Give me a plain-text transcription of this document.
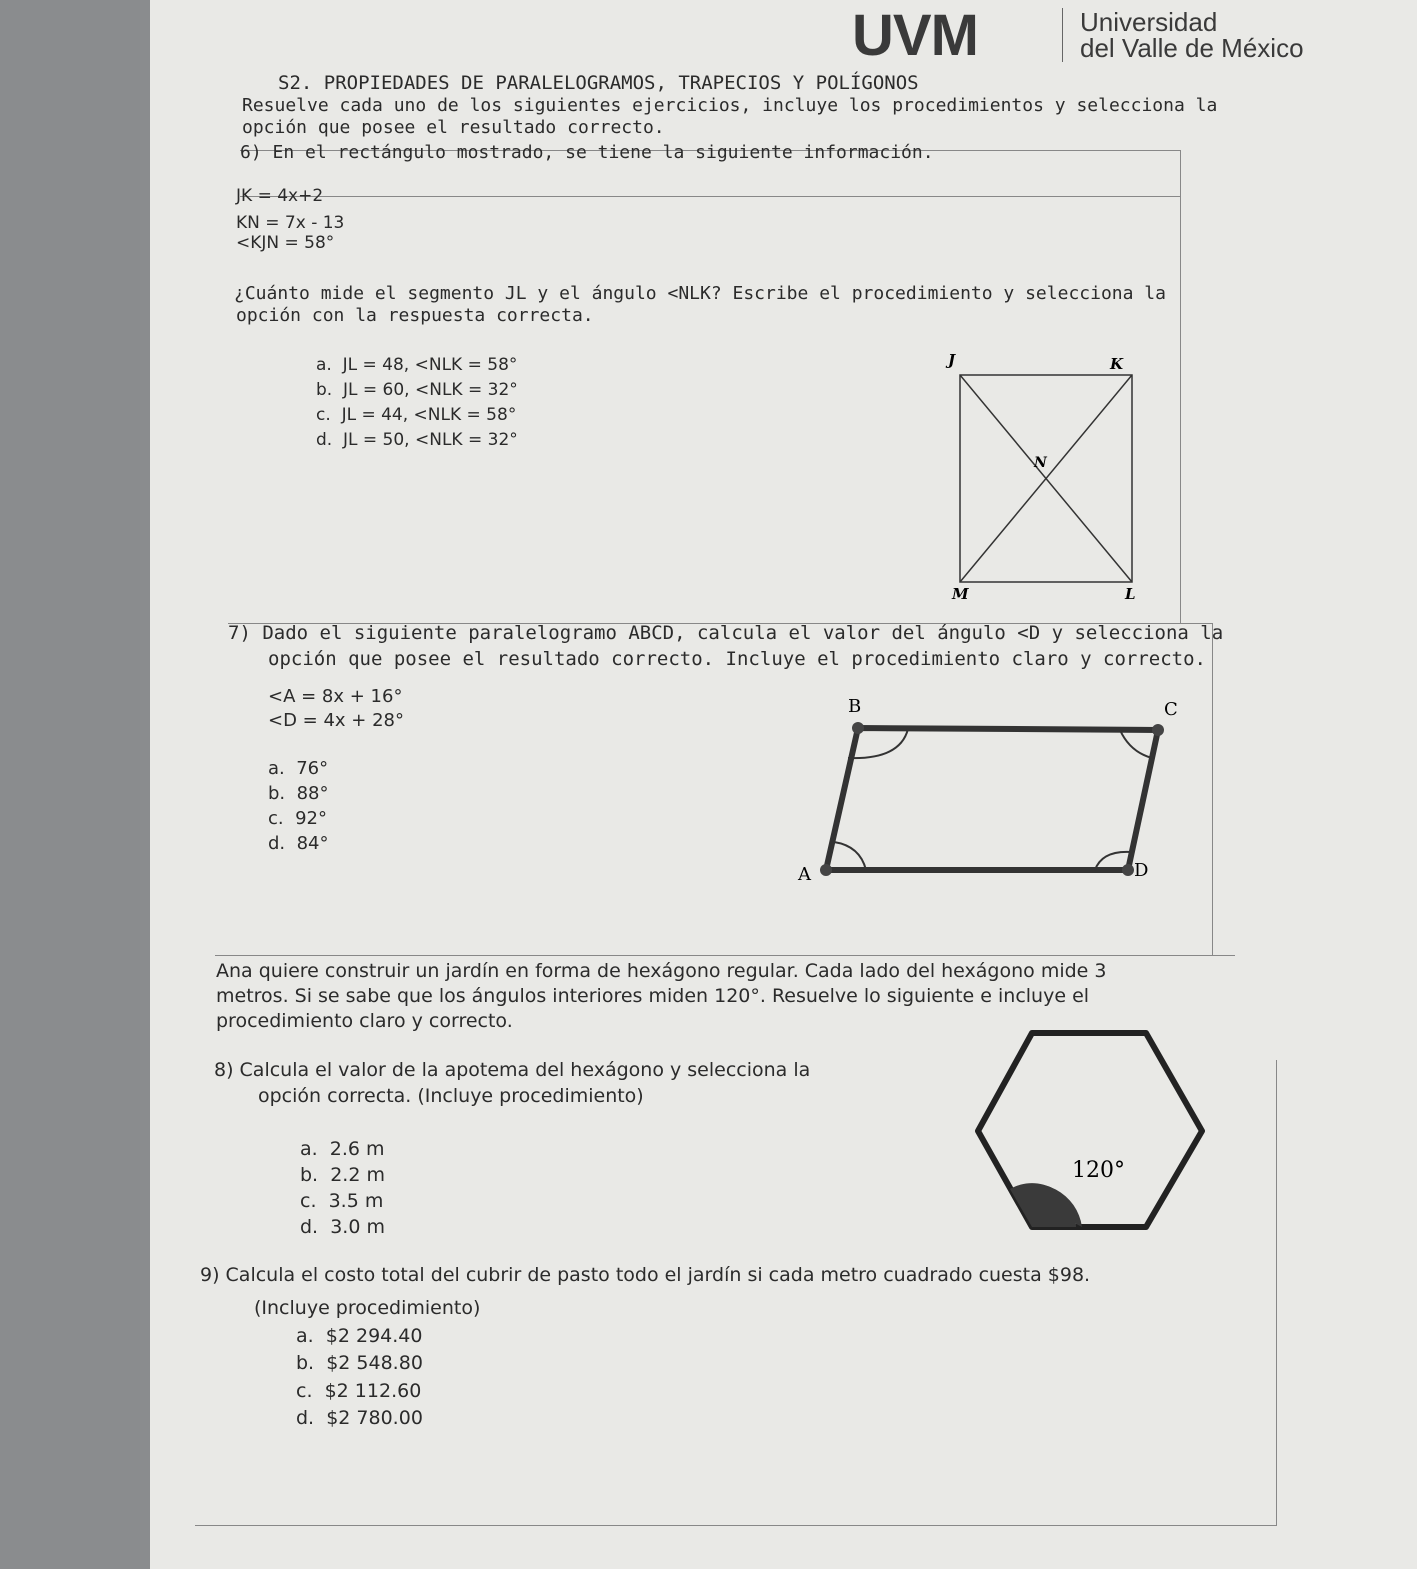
UVM	Universidad
del Valle de México
S2. PROPIEDADES DE PARALELOGRAMOS, TRAPECIOS Y POLÍGONOS
Resuelve cada uno de los siguientes ejercicios, incluye los procedimientos y selecciona la
opción que posee el resultado correcto.
6) En el rectángulo mostrado, se tiene la siguiente información.
JK = 4x+2
KN = 7x - 13
<KJN = 58°
¿Cuánto mide el segmento JL y el ángulo <NLK? Escribe el procedimiento y selecciona la
opción con la respuesta correcta.
a. JL = 48, <NLK = 58°
b. JL = 60, <NLK = 32°
c. JL = 44, <NLK = 58°
d. JL = 50, <NLK = 32°
J	K
N
M	L
7) Dado el siguiente paralelogramo ABCD, calcula el valor del ángulo <D y selecciona la
opción que posee el resultado correcto. Incluye el procedimiento claro y correcto.
<A = 8x + 16°
<D = 4x + 28°
a. 76°
b. 88°
c. 92°
d. 84°
B	C
D
A
Ana quiere construir un jardín en forma de hexágono regular. Cada lado del hexágono mide 3
metros. Si se sabe que los ángulos interiores miden 120°. Resuelve lo siguiente e incluye el
procedimiento claro y correcto.
8) Calcula el valor de la apotema del hexágono y selecciona la
opción correcta. (Incluye procedimiento)
a. 2.6 m
b. 2.2 m
c. 3.5 m
d. 3.0 m
120°
9) Calcula el costo total del cubrir de pasto todo el jardín si cada metro cuadrado cuesta $98.
(Incluye procedimiento)
a. $2 294.40
b. $2 548.80
c. $2 112.60
d. $2 780.00
